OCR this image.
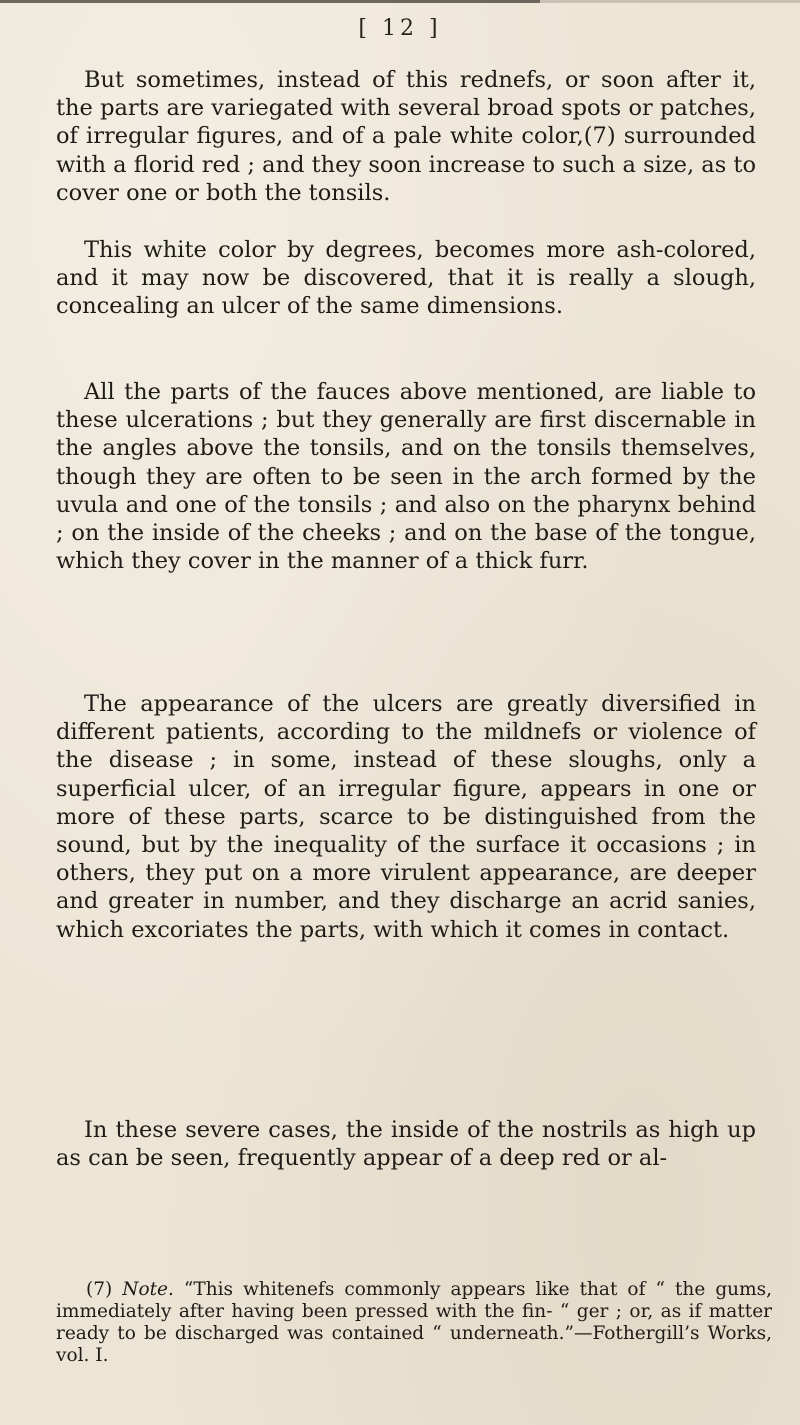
[ 12 ]

But sometimes, instead of this rednefs, or soon after it, the parts are variegated with several broad spots or patches, of irregular figures, and of a pale white color,(7) surrounded with a florid red ; and they soon increase to such a size, as to cover one or both the tonsils.

This white color by degrees, becomes more ash-colored, and it may now be discovered, that it is really a slough, concealing an ulcer of the same dimensions.

All the parts of the fauces above mentioned, are liable to these ulcerations ; but they generally are first discernable in the angles above the tonsils, and on the tonsils themselves, though they are often to be seen in the arch formed by the uvula and one of the tonsils ; and also on the pharynx behind ; on the inside of the cheeks ; and on the base of the tongue, which they cover in the manner of a thick furr.

The appearance of the ulcers are greatly diversified in different patients, according to the mildnefs or violence of the disease ; in some, instead of these sloughs, only a superficial ulcer, of an irregular figure, appears in one or more of these parts, scarce to be distinguished from the sound, but by the inequality of the surface it occasions ; in others, they put on a more virulent appearance, are deeper and greater in number, and they discharge an acrid sanies, which excoriates the parts, with which it comes in contact.

In these severe cases, the inside of the nostrils as high up as can be seen, frequently appear of a deep red or al-

(7) Note. “This whitenefs commonly appears like that of “ the gums, immediately after having been pressed with the fin- “ ger ; or, as if matter ready to be discharged was contained “ underneath.”—Fothergill’s Works, vol. I.
